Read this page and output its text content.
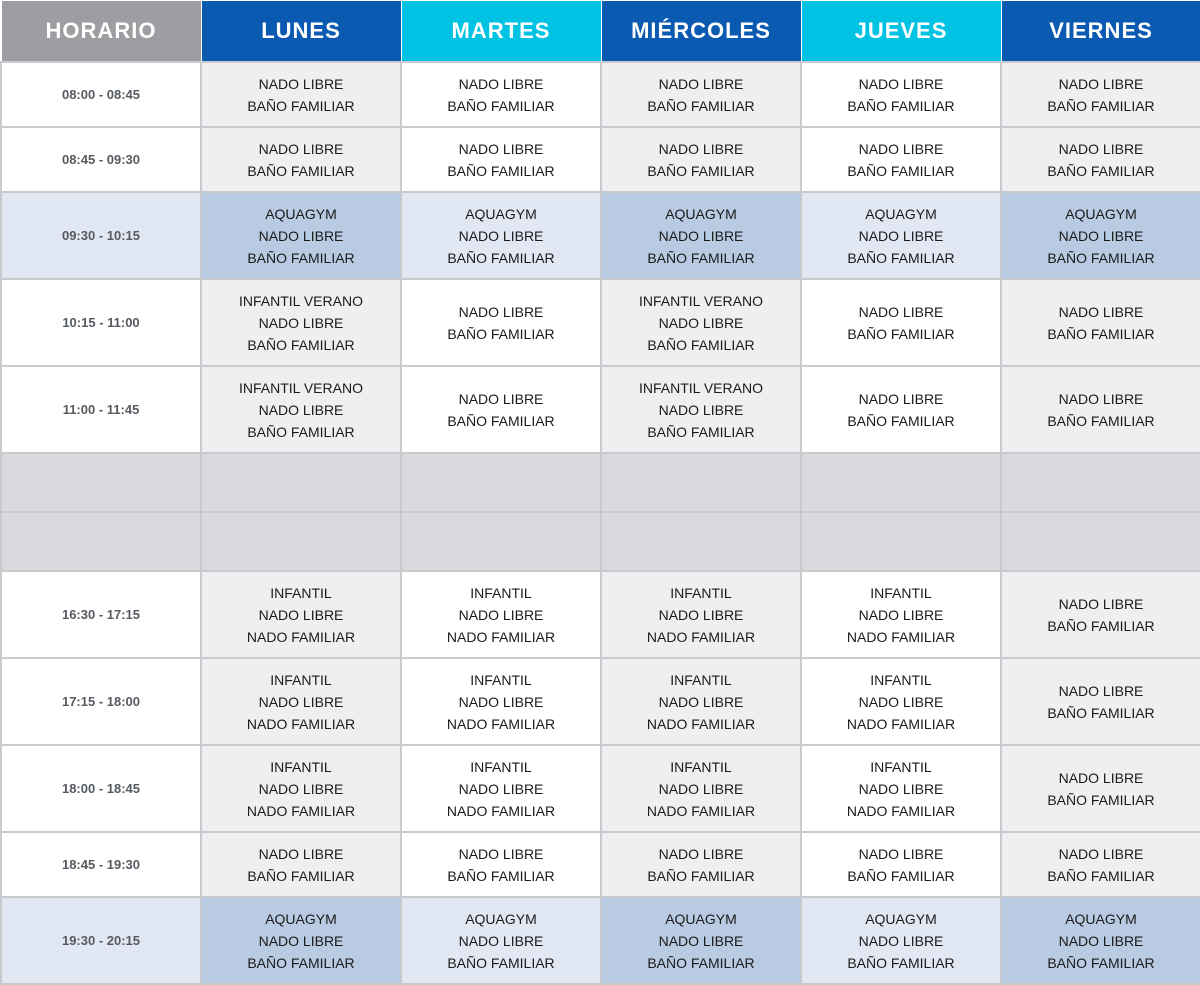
HORARIO	LUNES	MARTES	MIÉRCOLES	JUEVES	VIERNES
08:00 - 08:45	NADO LIBRE
BAÑO FAMILIAR	NADO LIBRE
BAÑO FAMILIAR	NADO LIBRE
BAÑO FAMILIAR	NADO LIBRE
BAÑO FAMILIAR	NADO LIBRE
BAÑO FAMILIAR

08:45 - 09:30	NADO LIBRE
BAÑO FAMILIAR	NADO LIBRE
BAÑO FAMILIAR	NADO LIBRE
BAÑO FAMILIAR	NADO LIBRE
BAÑO FAMILIAR	NADO LIBRE
BAÑO FAMILIAR

09:30 - 10:15	AQUAGYM
NADO LIBRE
BAÑO FAMILIAR	AQUAGYM
NADO LIBRE
BAÑO FAMILIAR	AQUAGYM
NADO LIBRE
BAÑO FAMILIAR	AQUAGYM
NADO LIBRE
BAÑO FAMILIAR	AQUAGYM
NADO LIBRE
BAÑO FAMILIAR

10:15 - 11:00	INFANTIL VERANO
NADO LIBRE
BAÑO FAMILIAR	NADO LIBRE
BAÑO FAMILIAR	INFANTIL VERANO
NADO LIBRE
BAÑO FAMILIAR	NADO LIBRE
BAÑO FAMILIAR	NADO LIBRE
BAÑO FAMILIAR

11:00 - 11:45	INFANTIL VERANO
NADO LIBRE
BAÑO FAMILIAR	NADO LIBRE
BAÑO FAMILIAR	INFANTIL VERANO
NADO LIBRE
BAÑO FAMILIAR	NADO LIBRE
BAÑO FAMILIAR	NADO LIBRE
BAÑO FAMILIAR

16:30 - 17:15	INFANTIL
NADO LIBRE
NADO FAMILIAR	INFANTIL
NADO LIBRE
NADO FAMILIAR	INFANTIL
NADO LIBRE
NADO FAMILIAR	INFANTIL
NADO LIBRE
NADO FAMILIAR	NADO LIBRE
BAÑO FAMILIAR

17:15 - 18:00	INFANTIL
NADO LIBRE
NADO FAMILIAR	INFANTIL
NADO LIBRE
NADO FAMILIAR	INFANTIL
NADO LIBRE
NADO FAMILIAR	INFANTIL
NADO LIBRE
NADO FAMILIAR	NADO LIBRE
BAÑO FAMILIAR

18:00 - 18:45	INFANTIL
NADO LIBRE
NADO FAMILIAR	INFANTIL
NADO LIBRE
NADO FAMILIAR	INFANTIL
NADO LIBRE
NADO FAMILIAR	INFANTIL
NADO LIBRE
NADO FAMILIAR	NADO LIBRE
BAÑO FAMILIAR

18:45 - 19:30	NADO LIBRE
BAÑO FAMILIAR	NADO LIBRE
BAÑO FAMILIAR	NADO LIBRE
BAÑO FAMILIAR	NADO LIBRE
BAÑO FAMILIAR	NADO LIBRE
BAÑO FAMILIAR

19:30 - 20:15	AQUAGYM
NADO LIBRE
BAÑO FAMILIAR	AQUAGYM
NADO LIBRE
BAÑO FAMILIAR	AQUAGYM
NADO LIBRE
BAÑO FAMILIAR	AQUAGYM
NADO LIBRE
BAÑO FAMILIAR	AQUAGYM
NADO LIBRE
BAÑO FAMILIAR
